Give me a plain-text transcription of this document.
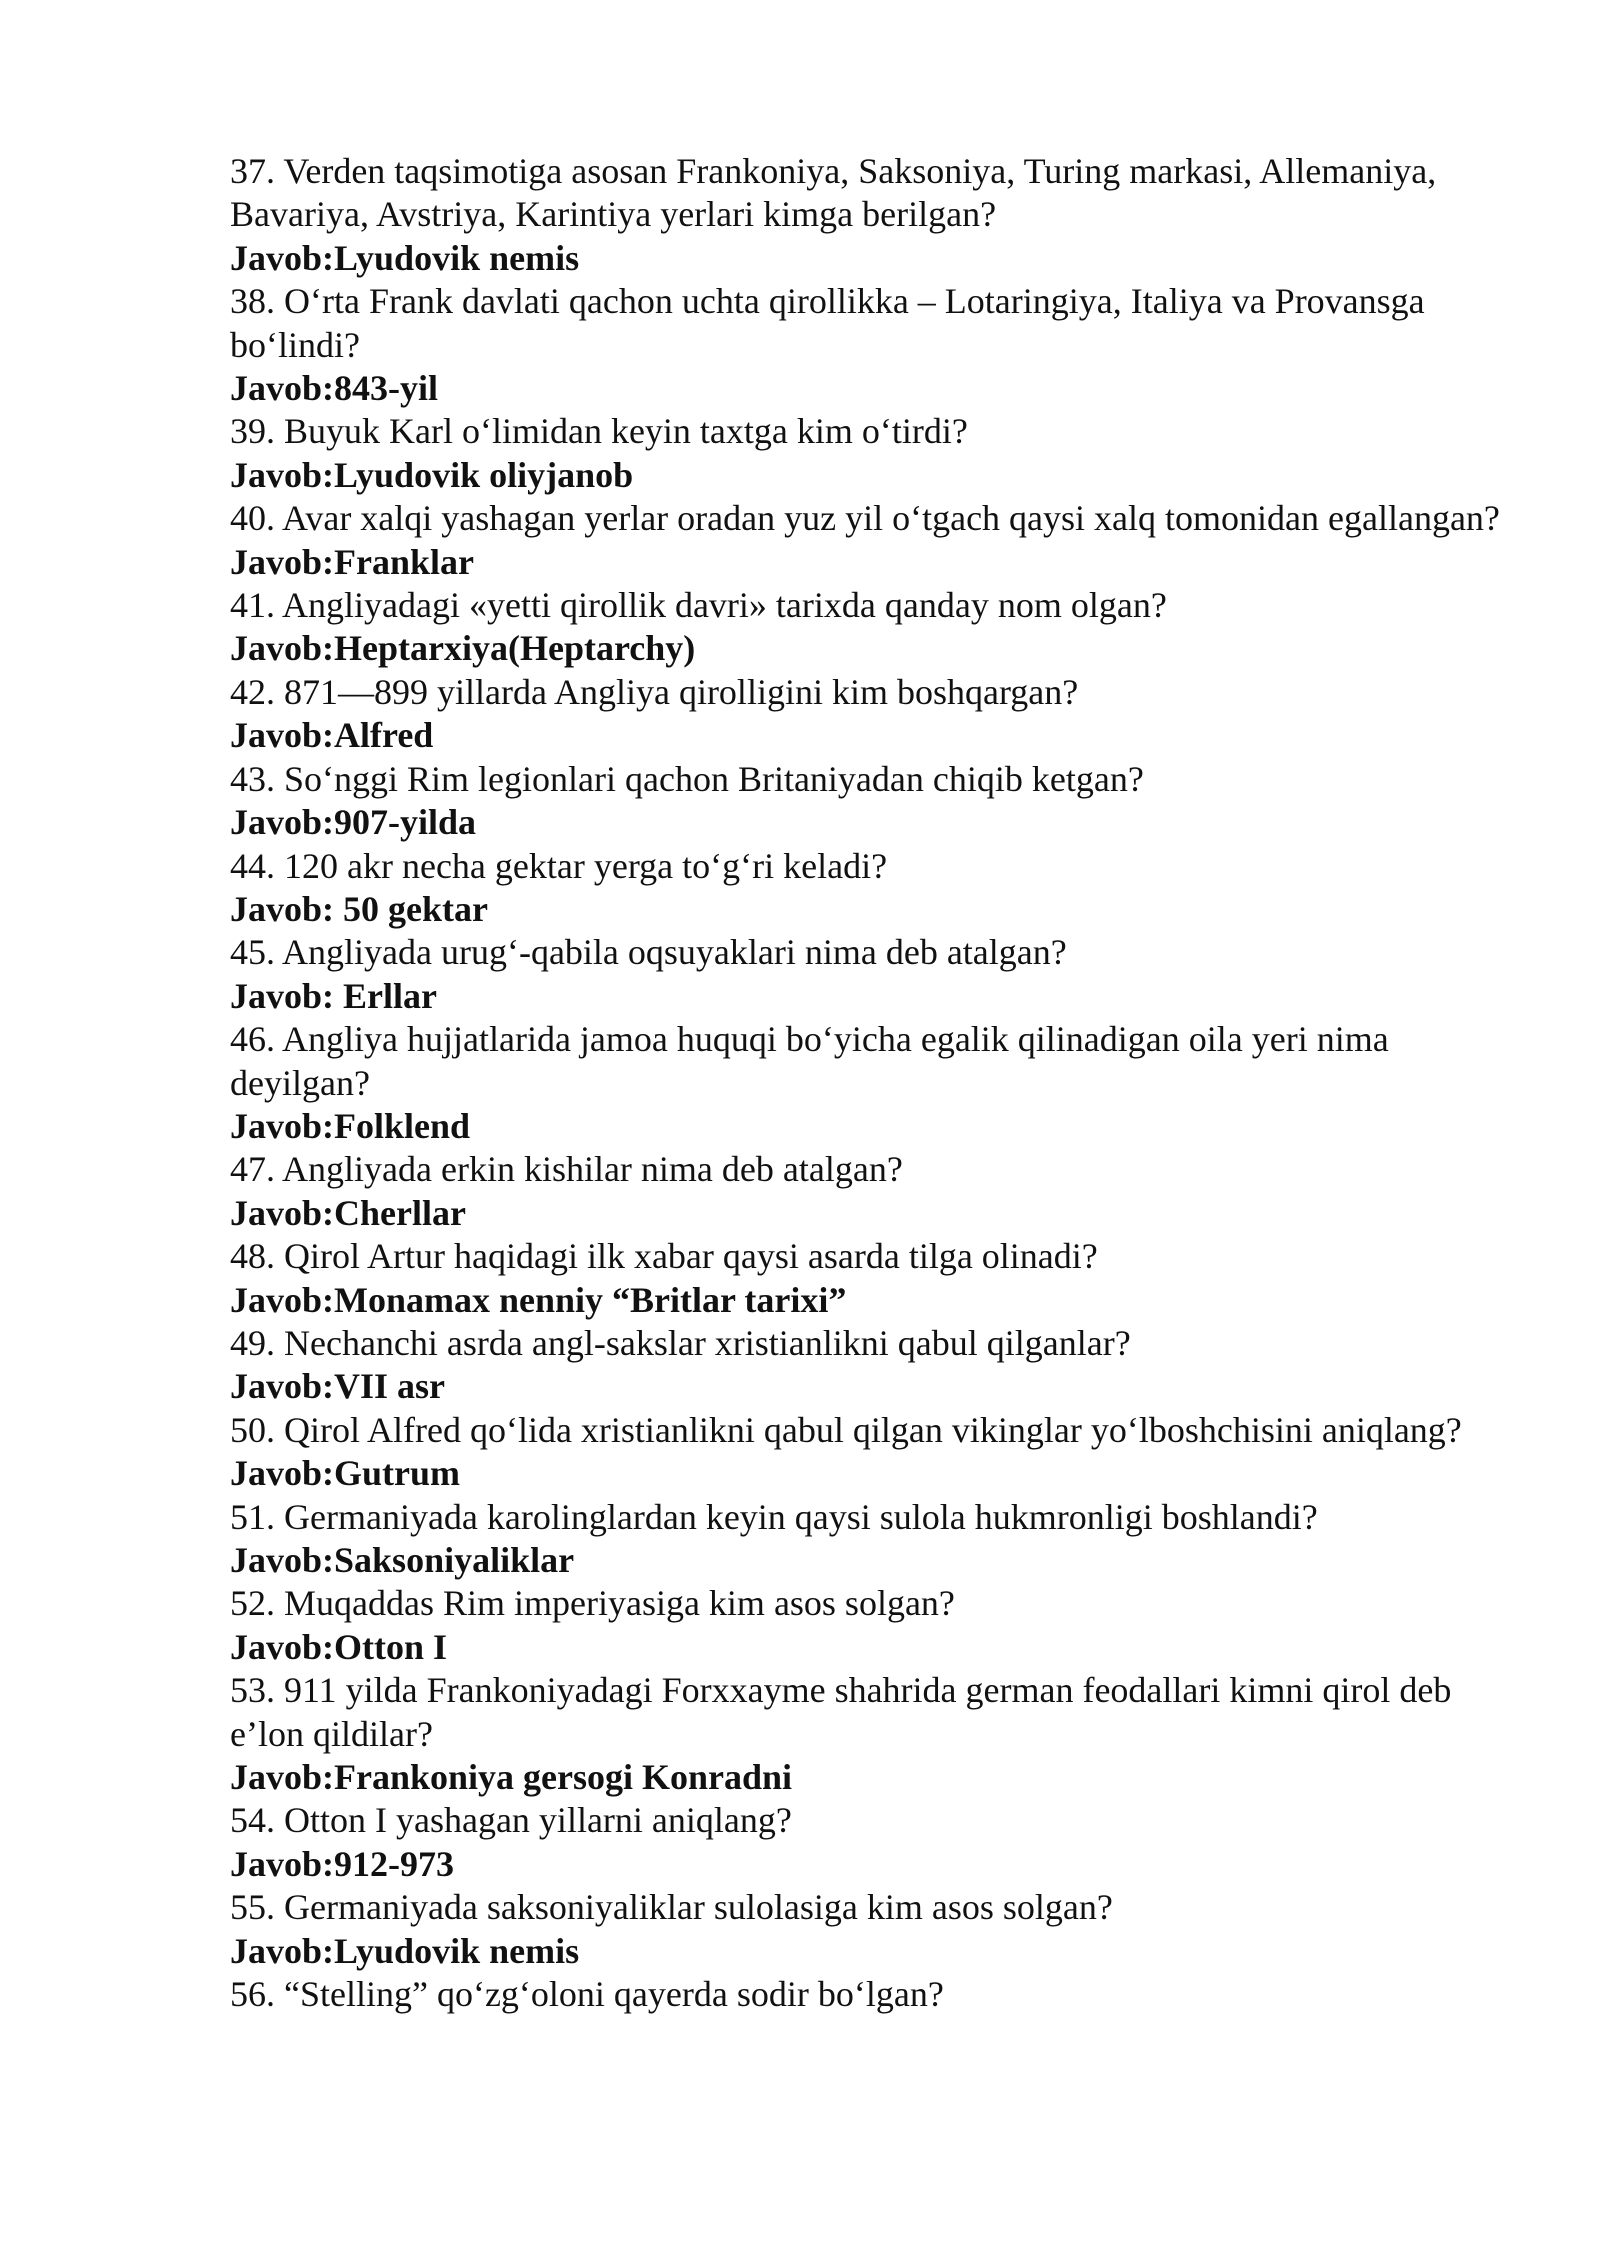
37. Verden taqsimotiga asosan Frankoniya, Saksoniya, Turing markasi, Allemaniya, Bavariya, Avstriya, Karintiya yerlari kimga berilgan?

Javob:Lyudovik nemis

38. O‘rta Frank davlati qachon uchta qirollikka – Lotaringiya, Italiya va Provansga bo‘lindi?

Javob:843-yil

39. Buyuk Karl o‘limidan keyin taxtga kim o‘tirdi?

Javob:Lyudovik oliyjanob

40. Avar xalqi yashagan yerlar oradan yuz yil o‘tgach qaysi xalq tomonidan egallangan?

Javob:Franklar

41. Angliyadagi «yetti qirollik davri» tarixda qanday nom olgan?

Javob:Heptarxiya(Heptarchy)

42. 871—899 yillarda Angliya qirolligini kim boshqargan?

Javob:Alfred

43. So‘nggi Rim legionlari qachon Britaniyadan chiqib ketgan?

Javob:907-yilda

44. 120 akr necha gektar yerga to‘g‘ri keladi?

Javob: 50 gektar

45. Angliyada urug‘-qabila oqsuyaklari nima deb atalgan?

Javob: Erllar

46. Angliya hujjatlarida jamoa huquqi bo‘yicha egalik qilinadigan oila yeri nima deyilgan?

Javob:Folklend

47. Angliyada erkin kishilar nima deb atalgan?

Javob:Cherllar

48. Qirol Artur haqidagi ilk xabar qaysi asarda tilga olinadi?

Javob:Monamax nenniy “Britlar tarixi”

49. Nechanchi asrda angl-sakslar xristianlikni qabul qilganlar?

Javob:VII asr

50. Qirol Alfred qo‘lida xristianlikni qabul qilgan vikinglar yo‘lboshchisini aniqlang?

Javob:Gutrum

51. Germaniyada karolinglardan keyin qaysi sulola hukmronligi boshlandi?

Javob:Saksoniyaliklar

52. Muqaddas Rim imperiyasiga kim asos solgan?

Javob:Otton I

53. 911 yilda Frankoniyadagi Forxxayme shahrida german feodallari kimni qirol deb e’lon qildilar?

Javob:Frankoniya gersogi Konradni

54. Otton I yashagan yillarni aniqlang?

Javob:912-973

55. Germaniyada saksoniyaliklar sulolasiga kim asos solgan?

Javob:Lyudovik nemis

56. “Stelling” qo‘zg‘oloni qayerda sodir bo‘lgan?
